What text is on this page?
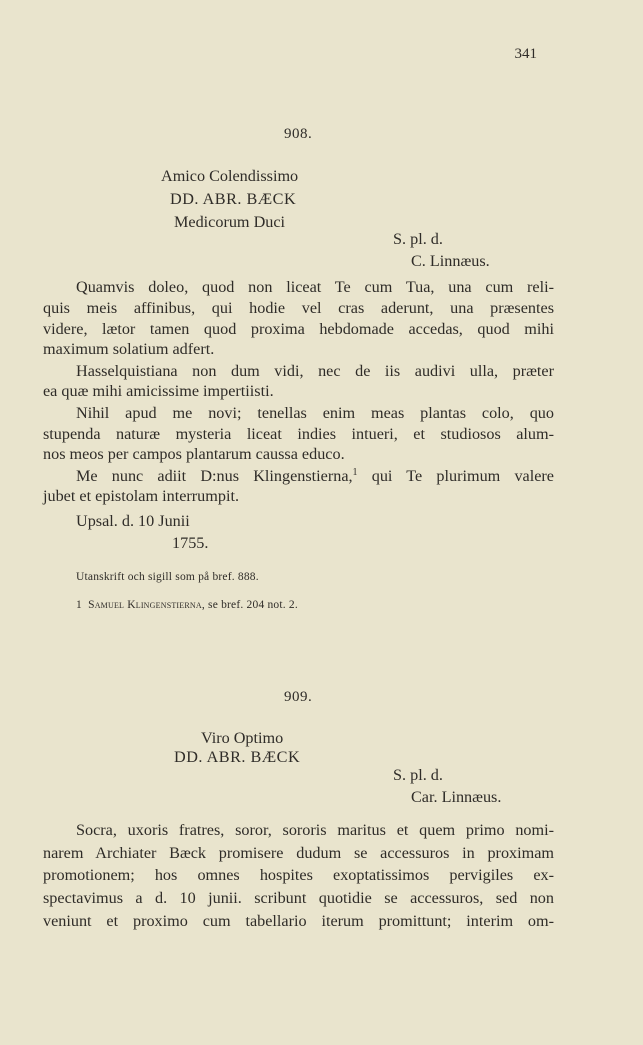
341
908.
Amico Colendissimo
DD. ABR. BÆCK
Medicorum Duci
S. pl. d.
C. Linnæus.
Quamvis doleo, quod non liceat Te cum Tua, una cum reli-
quis meis affinibus, qui hodie vel cras aderunt, una præsentes
videre, lætor tamen quod proxima hebdomade accedas, quod mihi
maximum solatium adfert.
Hasselquistiana non dum vidi, nec de iis audivi ulla, præter
ea quæ mihi amicissime impertiisti.
Nihil apud me novi; tenellas enim meas plantas colo, quo
stupenda naturæ mysteria liceat indies intueri, et studiosos alum-
nos meos per campos plantarum caussa educo.
Me nunc adiit D:nus Klingenstierna,$^1$ qui Te plurimum valere
jubet et epistolam interrumpit.
Upsal. d. 10 Junii
1755.
Utanskrift och sigill som på bref. 888.
1 Samuel Klingenstierna, se bref. 204 not. 2.
909.
Viro Optimo
DD. ABR. BÆCK
S. pl. d.
Car. Linnæus.
Socra, uxoris fratres, soror, sororis maritus et quem primo nomi-
narem Archiater Bæck promisere dudum se accessuros in proximam
promotionem; hos omnes hospites exoptatissimos pervigiles ex-
spectavimus a d. 10 junii. scribunt quotidie se accessuros, sed non
veniunt et proximo cum tabellario iterum promittunt; interim om-
